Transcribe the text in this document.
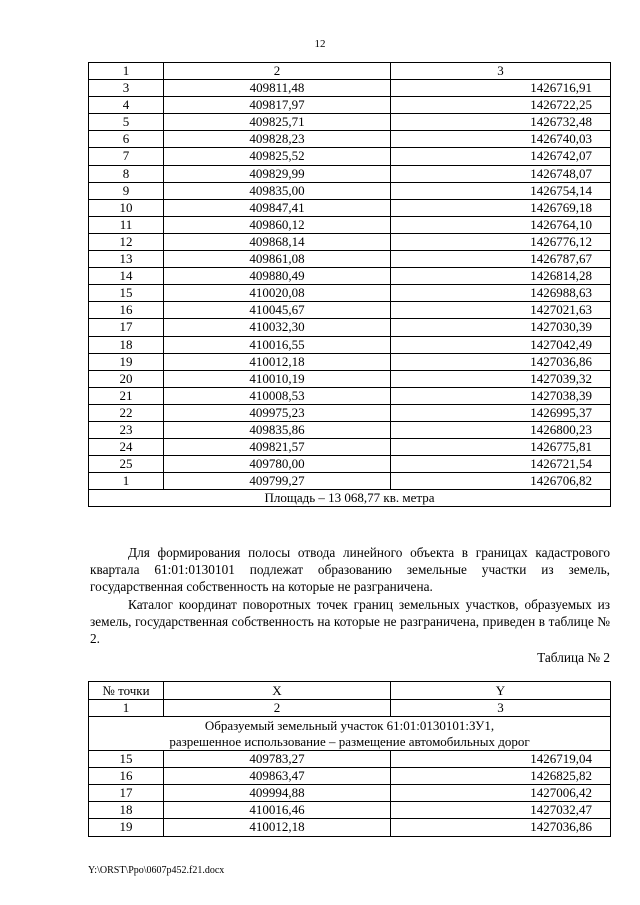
12
1	2	3
3	409811,48	1426716,91
4	409817,97	1426722,25
5	409825,71	1426732,48
6	409828,23	1426740,03
7	409825,52	1426742,07
8	409829,99	1426748,07
9	409835,00	1426754,14
10	409847,41	1426769,18
11	409860,12	1426764,10
12	409868,14	1426776,12
13	409861,08	1426787,67
14	409880,49	1426814,28
15	410020,08	1426988,63
16	410045,67	1427021,63
17	410032,30	1427030,39
18	410016,55	1427042,49
19	410012,18	1427036,86
20	410010,19	1427039,32
21	410008,53	1427038,39
22	409975,23	1426995,37
23	409835,86	1426800,23
24	409821,57	1426775,81
25	409780,00	1426721,54
1	409799,27	1426706,82
Площадь – 13 068,77 кв. метра		

Для формирования полосы отвода линейного объекта в границах кадастрового квартала 61:01:0130101 подлежат образованию земельные участки из земель, государственная собственность на которые не разграничена.

Каталог координат поворотных точек границ земельных участков, образуемых из земель, государственная собственность на которые не разграничена, приведен в таблице № 2.

Таблица № 2
№ точки	X	Y
1	2	3
Образуемый земельный участок 61:01:0130101:ЗУ1,
разрешенное использование – размещение автомобильных дорог		
15	409783,27	1426719,04
16	409863,47	1426825,82
17	409994,88	1427006,42
18	410016,46	1427032,47
19	410012,18	1427036,86
Y:\ORST\Ppo\0607p452.f21.docx
